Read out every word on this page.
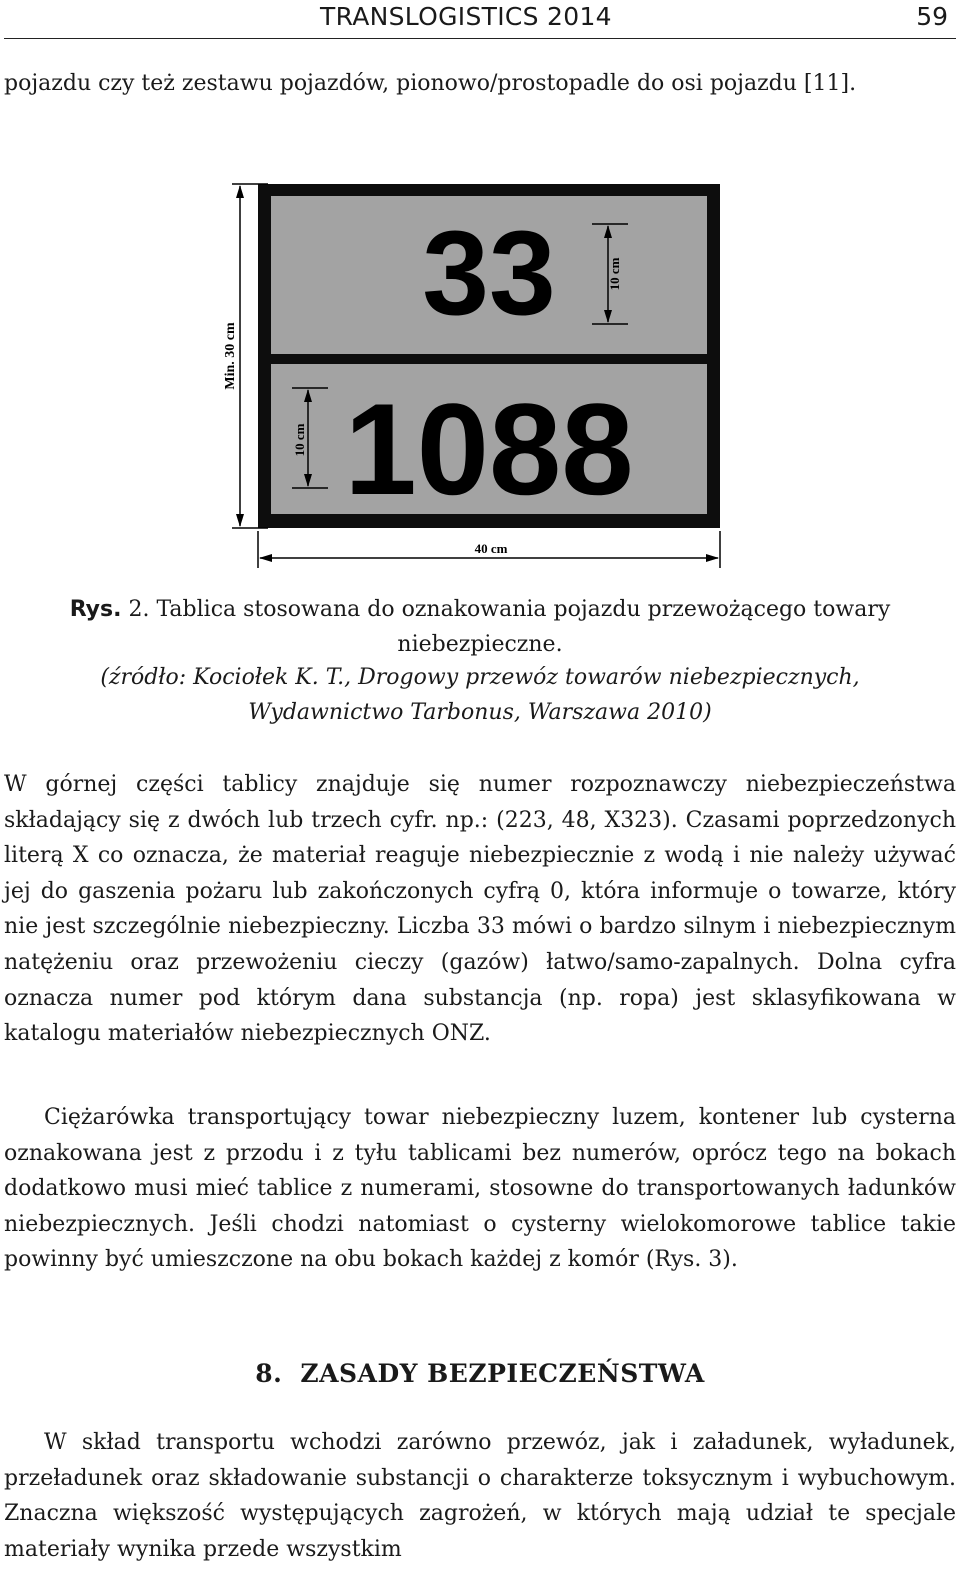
TRANSLOGISTICS 2014	59

pojazdu czy też zestawu pojazdów, pionowo/prostopadle do osi pojazdu [11].

33
1088
Min. 30 cm
10 cm
10 cm
40 cm

Rys. 2. Tablica stosowana do oznakowania pojazdu przewożącego towary niebezpieczne.

(źródło: Kociołek K. T., Drogowy przewóz towarów niebezpiecznych,
Wydawnictwo Tarbonus, Warszawa 2010)

W górnej części tablicy znajduje się numer rozpoznawczy niebezpieczeństwa składający się z dwóch lub trzech cyfr. np.: (223, 48, X323). Czasami poprzedzonych literą X co oznacza, że materiał reaguje niebezpiecznie z wodą i nie należy używać jej do gaszenia pożaru lub zakończonych cyfrą 0, która informuje o towarze, który nie jest szczególnie niebezpieczny. Liczba 33 mówi o bardzo silnym i niebezpiecznym natężeniu oraz przewożeniu cieczy (gazów) łatwo/samo-zapalnych. Dolna cyfra oznacza numer pod którym dana substancja (np. ropa) jest sklasyfikowana w katalogu materiałów niebezpiecznych ONZ.

Ciężarówka transportujący towar niebezpieczny luzem, kontener lub cysterna oznakowana jest z przodu i z tyłu tablicami bez numerów, oprócz tego na bokach dodatkowo musi mieć tablice z numerami, stosowne do transportowanych ładunków niebezpiecznych. Jeśli chodzi natomiast o cysterny wielokomorowe tablice takie powinny być umieszczone na obu bokach każdej z komór (Rys. 3).

8. ZASADY BEZPIECZEŃSTWA

W skład transportu wchodzi zarówno przewóz, jak i załadunek, wyładunek, przeładunek oraz składowanie substancji o charakterze toksycznym i wybuchowym. Znaczna większość występujących zagrożeń, w których mają udział te specjale materiały wynika przede wszystkim
